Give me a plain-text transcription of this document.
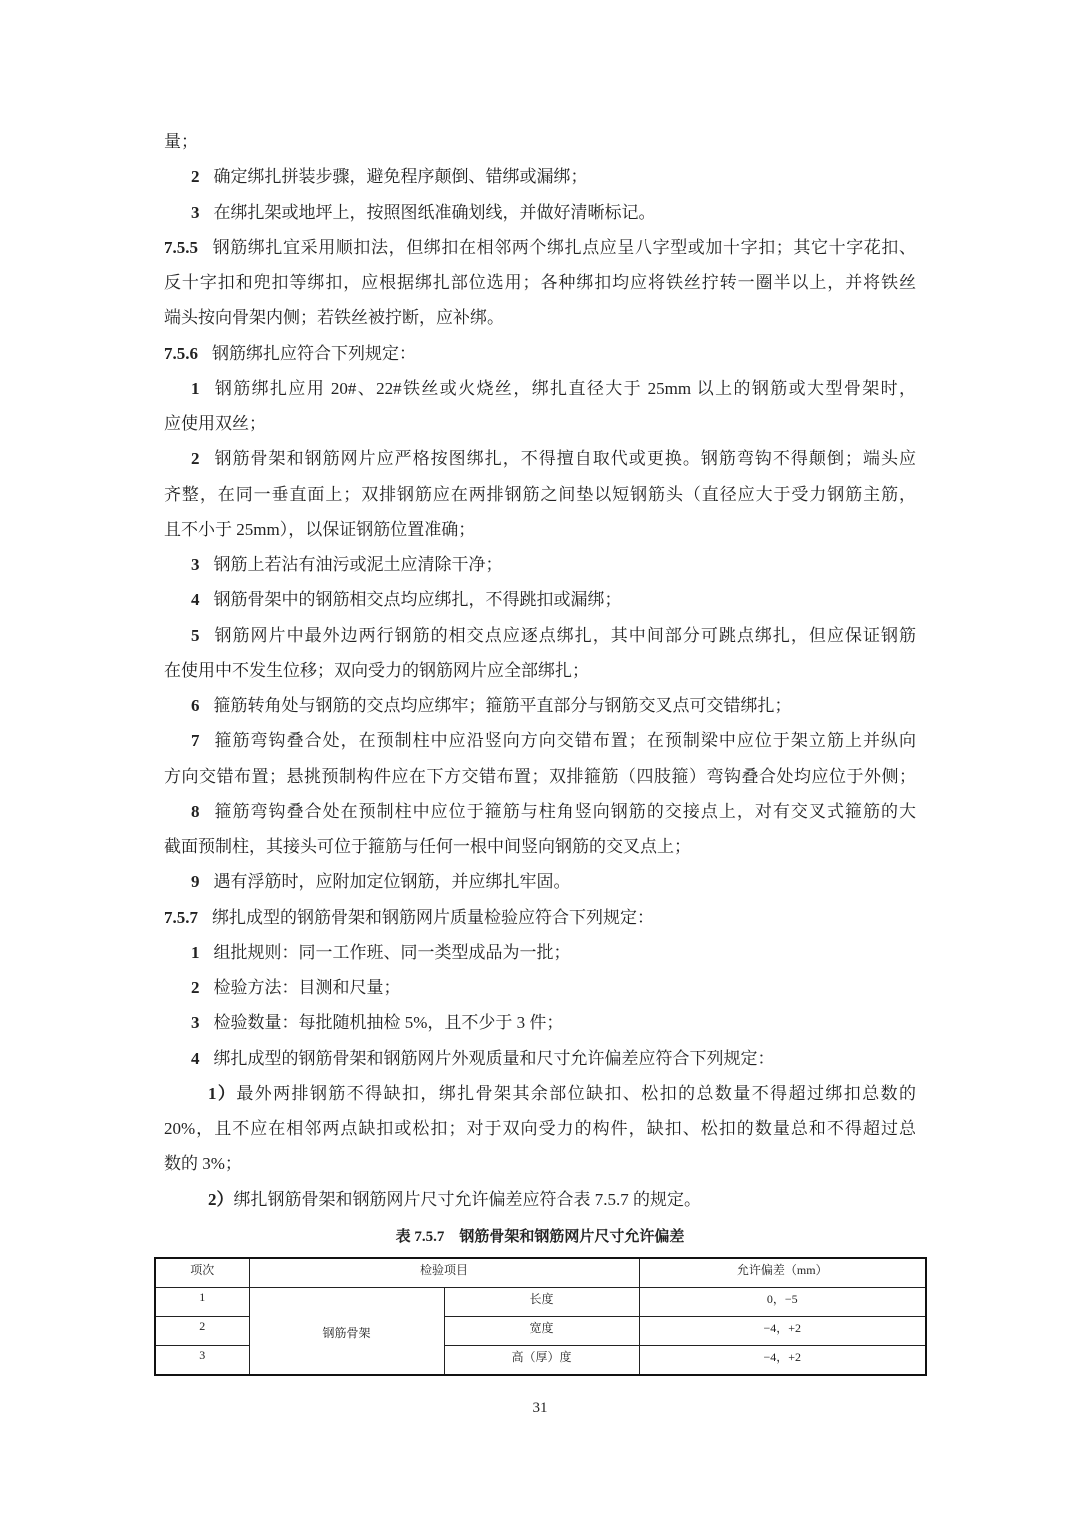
量；
2 确定绑扎拼装步骤，避免程序颠倒、错绑或漏绑；
3 在绑扎架或地坪上，按照图纸准确划线，并做好清晰标记。
7.5.5 钢筋绑扎宜采用顺扣法，但绑扣在相邻两个绑扎点应呈八字型或加十字扣；其它十字花扣、
反十字扣和兜扣等绑扣，应根据绑扎部位选用；各种绑扣均应将铁丝拧转一圈半以上，并将铁丝
端头按向骨架内侧；若铁丝被拧断，应补绑。
7.5.6 钢筋绑扎应符合下列规定：
1 钢筋绑扎应用 20#、22#铁丝或火烧丝，绑扎直径大于 25mm 以上的钢筋或大型骨架时，
应使用双丝；
2 钢筋骨架和钢筋网片应严格按图绑扎，不得擅自取代或更换。钢筋弯钩不得颠倒；端头应
齐整，在同一垂直面上；双排钢筋应在两排钢筋之间垫以短钢筋头（直径应大于受力钢筋主筋，
且不小于 25mm），以保证钢筋位置准确；
3 钢筋上若沾有油污或泥土应清除干净；
4 钢筋骨架中的钢筋相交点均应绑扎，不得跳扣或漏绑；
5 钢筋网片中最外边两行钢筋的相交点应逐点绑扎，其中间部分可跳点绑扎，但应保证钢筋
在使用中不发生位移；双向受力的钢筋网片应全部绑扎；
6 箍筋转角处与钢筋的交点均应绑牢；箍筋平直部分与钢筋交叉点可交错绑扎；
7 箍筋弯钩叠合处，在预制柱中应沿竖向方向交错布置；在预制梁中应位于架立筋上并纵向
方向交错布置；悬挑预制构件应在下方交错布置；双排箍筋（四肢箍）弯钩叠合处均应位于外侧；
8 箍筋弯钩叠合处在预制柱中应位于箍筋与柱角竖向钢筋的交接点上，对有交叉式箍筋的大
截面预制柱，其接头可位于箍筋与任何一根中间竖向钢筋的交叉点上；
9 遇有浮筋时，应附加定位钢筋，并应绑扎牢固。
7.5.7 绑扎成型的钢筋骨架和钢筋网片质量检验应符合下列规定：
1 组批规则：同一工作班、同一类型成品为一批；
2 检验方法：目测和尺量；
3 检验数量：每批随机抽检 5%，且不少于 3 件；
4 绑扎成型的钢筋骨架和钢筋网片外观质量和尺寸允许偏差应符合下列规定：
1）最外两排钢筋不得缺扣，绑扎骨架其余部位缺扣、松扣的总数量不得超过绑扣总数的
20%，且不应在相邻两点缺扣或松扣；对于双向受力的构件，缺扣、松扣的数量总和不得超过总
数的 3%；
2）绑扎钢筋骨架和钢筋网片尺寸允许偏差应符合表 7.5.7 的规定。
表 7.5.7　钢筋骨架和钢筋网片尺寸允许偏差
项次	检验项目		允许偏差（mm）
1	钢筋骨架	长度	0，−5
2		宽度	−4，+2
3		高（厚）度	−4，+2
31
